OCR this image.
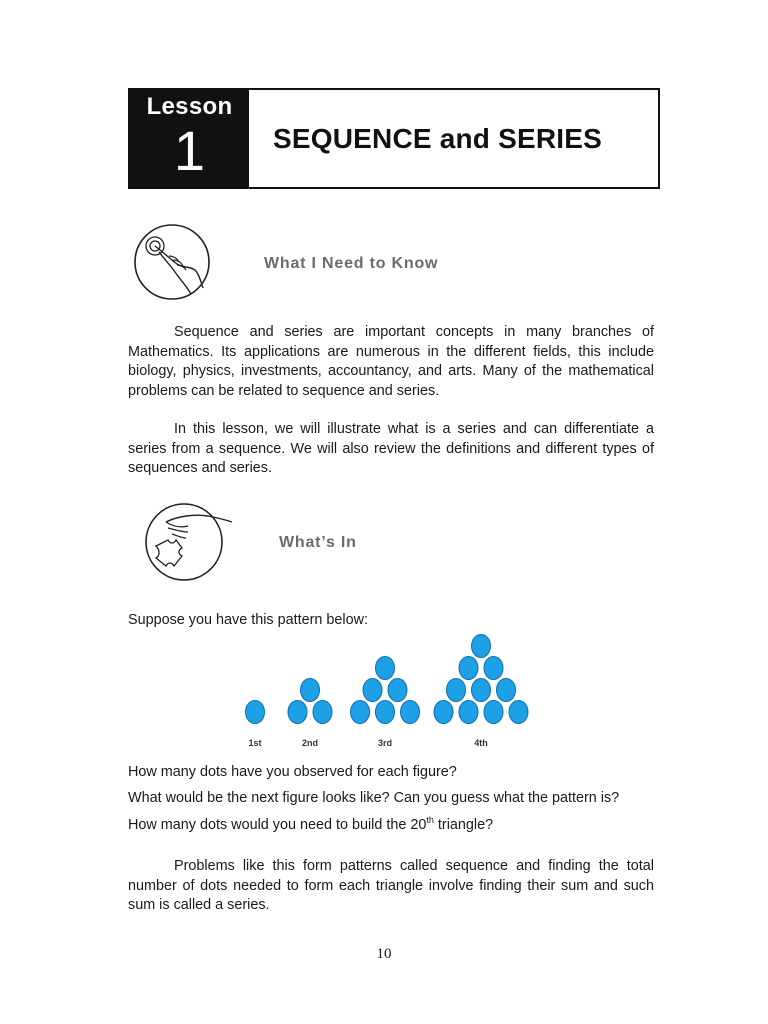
Lesson
1 SEQUENCE and SERIES
What I Need to Know

Sequence and series are important concepts in many branches of Mathematics. Its applications are numerous in the different fields, this include biology, physics, investments, accountancy, and arts. Many of the mathematical problems can be related to sequence and series.

In this lesson, we will illustrate what is a series and can differentiate a series from a sequence. We will also review the definitions and different types of sequences and series.

What’s In

Suppose you have this pattern below:

1st	2nd	3rd	4th

How many dots have you observed for each figure?

What would be the next figure looks like? Can you guess what the pattern is?

How many dots would you need to build the 20th triangle?

Problems like this form patterns called sequence and finding the total number of dots needed to form each triangle involve finding their sum and such sum is called a series.

10
